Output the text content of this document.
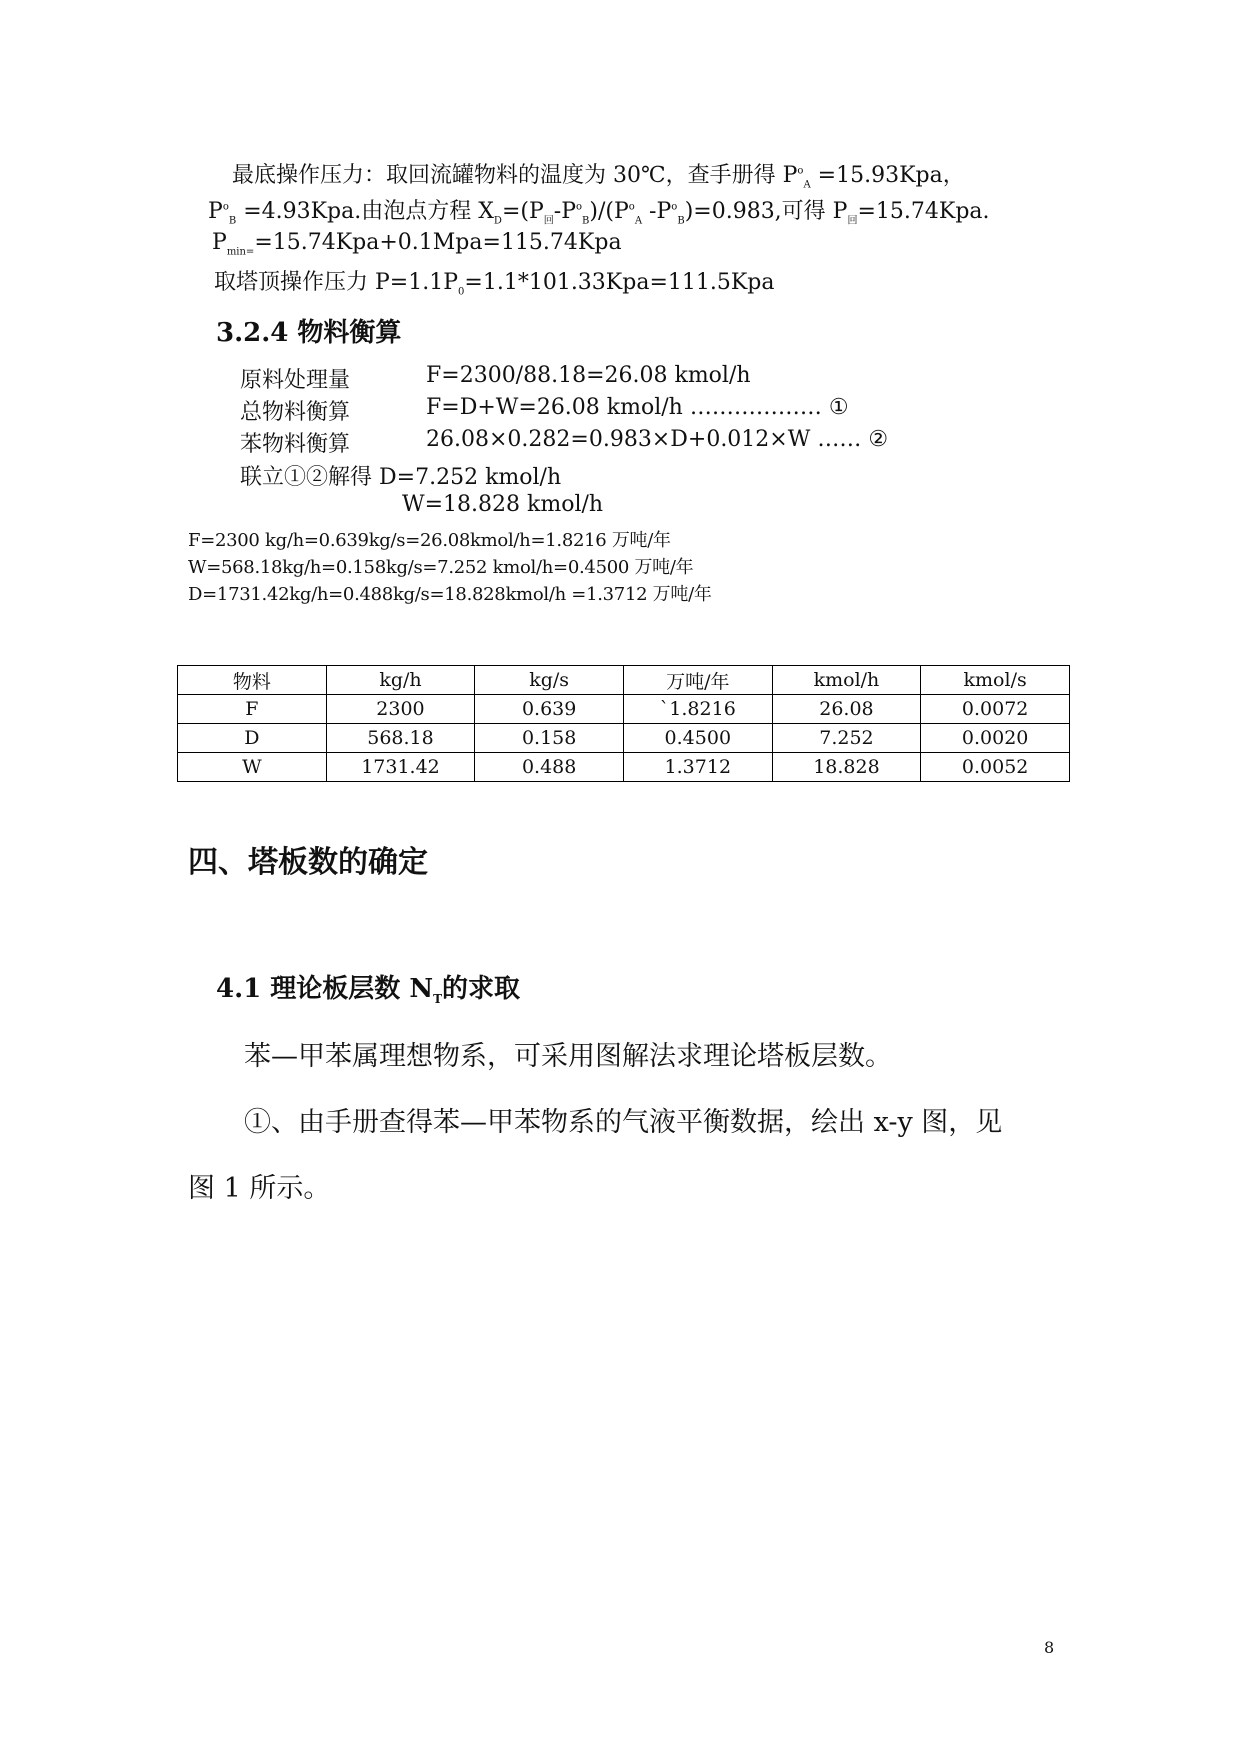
最底操作压力：取回流罐物料的温度为 30℃，查手册得 $P^o_A =15.93Kpa$，
$P^o_B =4.93Kpa$.由泡点方程 $X_D=(P_回-P^o_B)/(P^o_A$ $-P^o_B)=0.983$,可得 $P_回=15.74Kpa$.
$P_{min=}=15.74Kpa+0.1Mpa=115.74Kpa$
取塔顶操作压力 $P=1.1P_0=1.1*101.33Kpa=111.5Kpa$
3.2.4 物料衡算
原料处理量	F=2300/88.18=26.08 kmol/h
总物料衡算	F=D+W=26.08 kmol/h ……………… ①
苯物料衡算	26.08×0.282=0.983×D+0.012×W …… ②
联立①②解得 D=7.252 kmol/h
W=18.828 kmol/h
F=2300 kg/h=0.639kg/s=26.08kmol/h=1.8216 万吨/年
W=568.18kg/h=0.158kg/s=7.252 kmol/h=0.4500 万吨/年
D=1731.42kg/h=0.488kg/s=18.828kmol/h =1.3712 万吨/年
物料	kg/h	kg/s	万吨/年	kmol/h	kmol/s
F	2300	0.639	`1.8216	26.08	0.0072
D	568.18	0.158	0.4500	7.252	0.0020
W	1731.42	0.488	1.3712	18.828	0.0052
四、塔板数的确定
4.1 理论板层数 $N_T$的求取
苯—甲苯属理想物系，可采用图解法求理论塔板层数。
①、由手册查得苯—甲苯物系的气液平衡数据，绘出 x-y 图，见
图 1 所示。
8
